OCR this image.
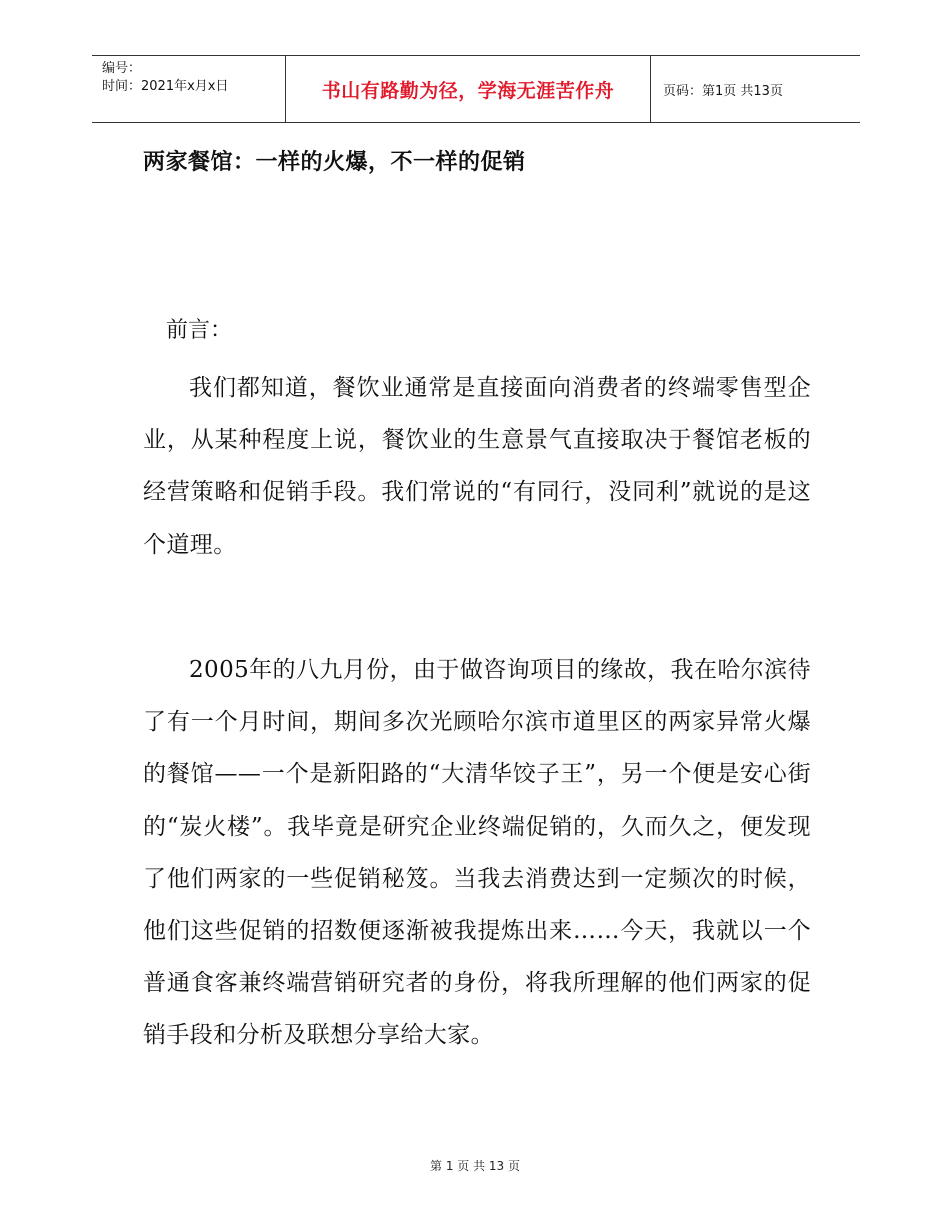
编号：
时间：2021年x月x日	书山有路勤为径，学海无涯苦作舟	页码：第1页 共13页
两家餐馆：一样的火爆，不一样的促销
前言：

我们都知道，餐饮业通常是直接面向消费者的终端零售型企业，从某种程度上说，餐饮业的生意景气直接取决于餐馆老板的经营策略和促销手段。我们常说的“有同行，没同利”就说的是这个道理。

2005年的八九月份，由于做咨询项目的缘故，我在哈尔滨待了有一个月时间，期间多次光顾哈尔滨市道里区的两家异常火爆的餐馆——一个是新阳路的“大清华饺子王”，另一个便是安心街的“炭火楼”。我毕竟是研究企业终端促销的，久而久之，便发现了他们两家的一些促销秘笈。当我去消费达到一定频次的时候，他们这些促销的招数便逐渐被我提炼出来……今天，我就以一个普通食客兼终端营销研究者的身份，将我所理解的他们两家的促销手段和分析及联想分享给大家。

第 1 页 共 13 页
